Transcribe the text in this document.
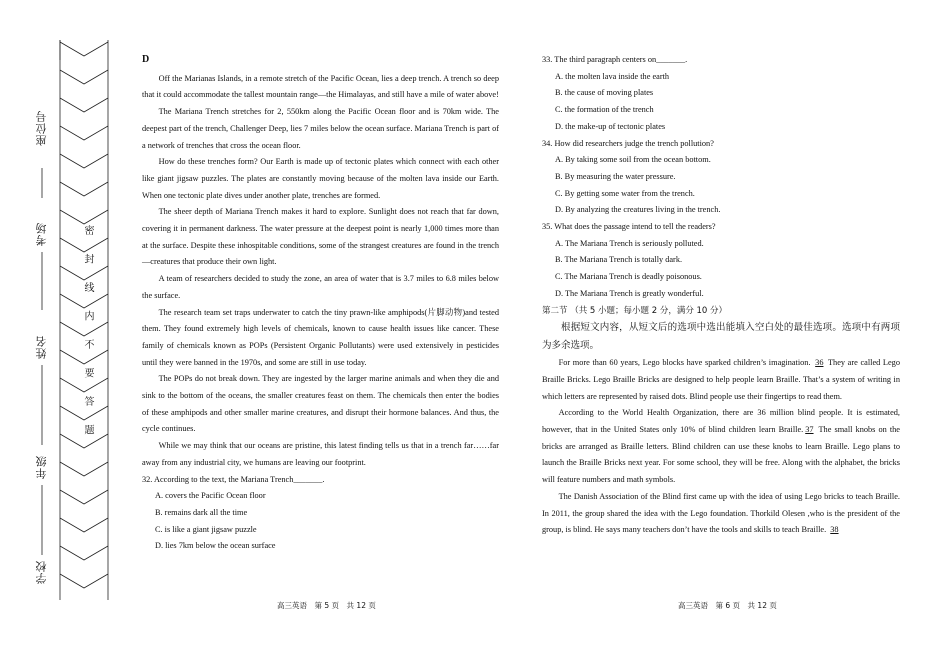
座位号
考场
姓名
年级
学校
密 封 线 内 不 要 答 题

D

Off the Marianas Islands, in a remote stretch of the Pacific Ocean, lies a deep trench. A trench so deep that it could accommodate the tallest mountain range—the Himalayas, and still have a mile of water above!

The Mariana Trench stretches for 2, 550km along the Pacific Ocean floor and is 70km wide. The deepest part of the trench, Challenger Deep, lies 7 miles below the ocean surface. Mariana Trench is part of a network of trenches that cross the ocean floor.

How do these trenches form? Our Earth is made up of tectonic plates which connect with each other like giant jigsaw puzzles. The plates are constantly moving because of the molten lava inside our Earth. When one tectonic plate dives under another plate, trenches are formed.

The sheer depth of Mariana Trench makes it hard to explore. Sunlight does not reach that far down, covering it in permanent darkness. The water pressure at the deepest point is nearly 1,000 times more than at the surface. Despite these inhospitable conditions, some of the strangest creatures are found in the trench—creatures that produce their own light.

A team of researchers decided to study the zone, an area of water that is 3.7 miles to 6.8 miles below the surface.

The research team set traps underwater to catch the tiny prawn-like amphipods(片脚动物)and tested them. They found extremely high levels of chemicals, known to cause health issues like cancer. These family of chemicals known as POPs (Persistent Organic Pollutants) were used extensively in pesticides until they were banned in the 1970s, and some are still in use today.

The POPs do not break down. They are ingested by the larger marine animals and when they die and sink to the bottom of the oceans, the smaller creatures feast on them. The chemicals then enter the bodies of these amphipods and other smaller marine creatures, and disrupt their hormone balances. And thus, the cycle continues.

While we may think that our oceans are pristine, this latest finding tells us that in a trench far……far away from any industrial city, we humans are leaving our footprint.

32. According to the text, the Mariana Trench_______.

A. covers the Pacific Ocean floor

B. remains dark all the time

C. is like a giant jigsaw puzzle

D. lies 7km below the ocean surface

高三英语　第 5 页　共 12 页

33. The third paragraph centers on_______.

A. the molten lava inside the earth

B. the cause of moving plates

C. the formation of the trench

D. the make-up of tectonic plates

34. How did researchers judge the trench pollution?

A. By taking some soil from the ocean bottom.

B. By measuring the water pressure.

C. By getting some water from the trench.

D. By analyzing the creatures living in the trench.

35. What does the passage intend to tell the readers?

A. The Mariana Trench is seriously polluted.

B. The Mariana Trench is totally dark.

C. The Mariana Trench is deadly poisonous.

D. The Mariana Trench is greatly wonderful.

第二节 （共 5 小题；每小题 2 分，满分 10 分）

根据短文内容，从短文后的选项中选出能填入空白处的最佳选项。选项中有两项为多余选项。

For more than 60 years, Lego blocks have sparked children’s imagination. 36 They are called Lego Braille Bricks. Lego Braille Bricks are designed to help people learn Braille. That’s a system of writing in which letters are represented by raised dots. Blind people use their fingertips to read them.

According to the World Health Organization, there are 36 million blind people. It is estimated, however, that in the United States only 10% of blind children learn Braille. 37 The small knobs on the bricks are arranged as Braille letters. Blind children can use these knobs to learn Braille. Lego plans to launch the Braille Bricks next year. For some school, they will be free. Along with the alphabet, the bricks will feature numbers and math symbols.

The Danish Association of the Blind first came up with the idea of using Lego bricks to teach Braille. In 2011, the group shared the idea with the Lego foundation. Thorkild Olesen ,who is the president of the group, is blind. He says many teachers don’t have the tools and skills to teach Braille. 38

高三英语　第 6 页　共 12 页
